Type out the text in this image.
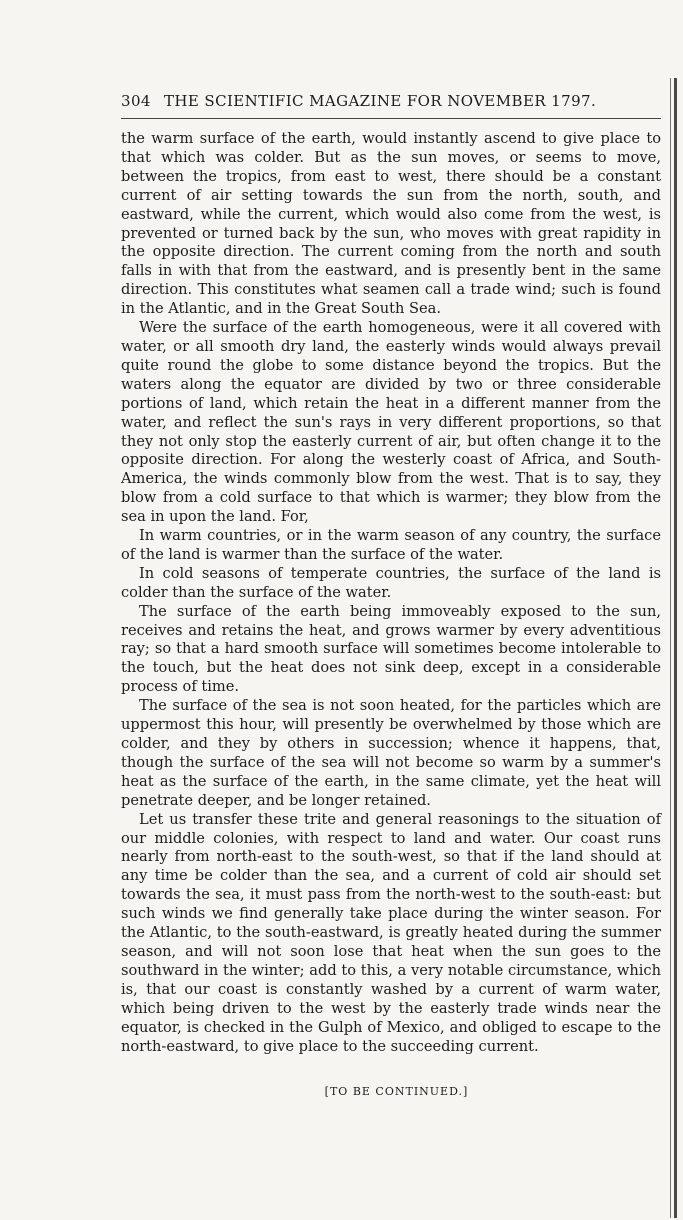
304 THE SCIENTIFIC MAGAZINE FOR NOVEMBER 1797.

the warm surface of the earth, would instantly ascend to give place to that which was colder. But as the sun moves, or seems to move, between the tropics, from east to west, there should be a constant current of air setting towards the sun from the north, south, and eastward, while the current, which would also come from the west, is prevented or turned back by the sun, who moves with great rapidity in the opposite direction. The current coming from the north and south falls in with that from the eastward, and is presently bent in the same direction. This constitutes what seamen call a trade wind; such is found in the Atlantic, and in the Great South Sea.

Were the surface of the earth homogeneous, were it all covered with water, or all smooth dry land, the easterly winds would always prevail quite round the globe to some distance beyond the tropics. But the waters along the equator are divided by two or three considerable portions of land, which retain the heat in a different manner from the water, and reflect the sun's rays in very different proportions, so that they not only stop the easterly current of air, but often change it to the opposite direction. For along the westerly coast of Africa, and South-America, the winds commonly blow from the west. That is to say, they blow from a cold surface to that which is warmer; they blow from the sea in upon the land. For,

In warm countries, or in the warm season of any country, the surface of the land is warmer than the surface of the water.

In cold seasons of temperate countries, the surface of the land is colder than the surface of the water.

The surface of the earth being immoveably exposed to the sun, receives and retains the heat, and grows warmer by every adventitious ray; so that a hard smooth surface will sometimes become intolerable to the touch, but the heat does not sink deep, except in a considerable process of time.

The surface of the sea is not soon heated, for the particles which are uppermost this hour, will presently be overwhelmed by those which are colder, and they by others in succession; whence it happens, that, though the surface of the sea will not become so warm by a summer's heat as the surface of the earth, in the same climate, yet the heat will penetrate deeper, and be longer retained.

Let us transfer these trite and general reasonings to the situation of our middle colonies, with respect to land and water. Our coast runs nearly from north-east to the south-west, so that if the land should at any time be colder than the sea, and a current of cold air should set towards the sea, it must pass from the north-west to the south-east: but such winds we find generally take place during the winter season. For the Atlantic, to the south-eastward, is greatly heated during the summer season, and will not soon lose that heat when the sun goes to the southward in the winter; add to this, a very notable circumstance, which is, that our coast is constantly washed by a current of warm water, which being driven to the west by the easterly trade winds near the equator, is checked in the Gulph of Mexico, and obliged to escape to the north-eastward, to give place to the succeeding current.

[TO BE CONTINUED.]
